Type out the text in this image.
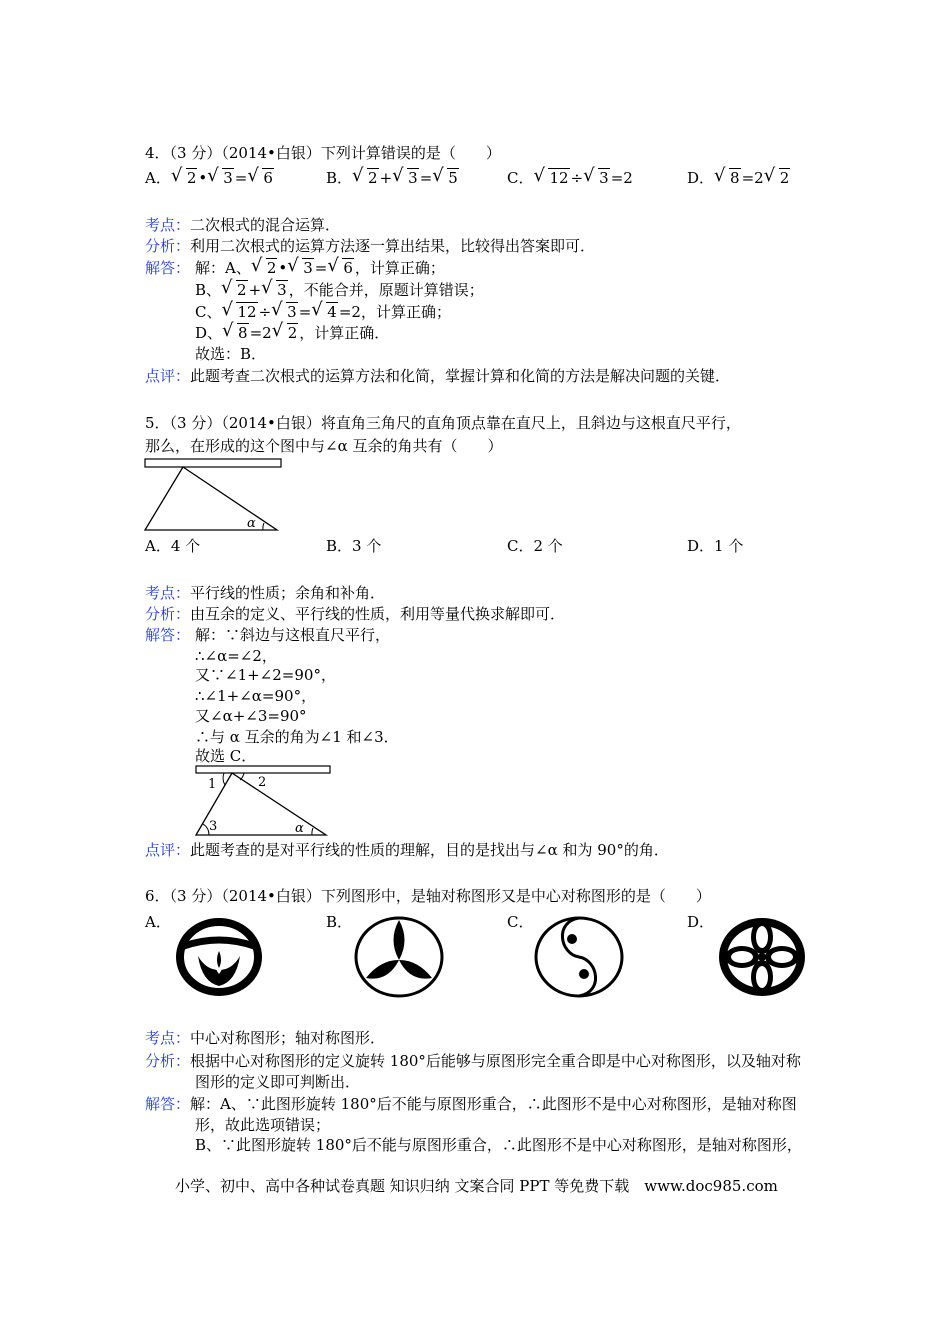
4．（3 分）（2014•白银）下列计算错误的是（　　）
A． √ 2 • √ 3 = √ 6	B． √ 2 + √ 3 = √ 5	C． √ 12 ÷ √ 3 =2	D． √ 8 =2 √ 2
考点：二次根式的混合运算．
分析：利用二次根式的运算方法逐一算出结果，比较得出答案即可．
解答： 解：A、 √ 2 • √ 3 = √ 6 ，计算正确；
B、 √ 2 + √ 3 ，不能合并，原题计算错误；
C、 √ 12 ÷ √ 3 = √ 4 =2，计算正确；
D、 √ 8 =2 √ 2 ，计算正确．
故选：B．
点评：此题考查二次根式的运算方法和化简，掌握计算和化简的方法是解决问题的关键．
5．（3 分）（2014•白银）将直角三角尺的直角顶点靠在直尺上，且斜边与这根直尺平行，
那么，在形成的这个图中与∠α 互余的角共有（　　）
α
A．4 个	B．3 个	C．2 个	D．1 个
考点：平行线的性质；余角和补角．
分析：由互余的定义、平行线的性质，利用等量代换求解即可．
解答： 解：∵斜边与这根直尺平行，
∴∠α=∠2，
又∵∠1+∠2=90°，
∴∠1+∠α=90°，
又∠α+∠3=90°
∴与 α 互余的角为∠1 和∠3．
故选 C．
1	2
3	α
点评：此题考查的是对平行线的性质的理解，目的是找出与∠α 和为 90°的角．
6．（3 分）（2014•白银）下列图形中，是轴对称图形又是中心对称图形的是（　　）
A．	B．	C．	D．
考点：中心对称图形；轴对称图形．
分析：根据中心对称图形的定义旋转 180°后能够与原图形完全重合即是中心对称图形，以及轴对称
图形的定义即可判断出．
解答：解：A、∵此图形旋转 180°后不能与原图形重合，∴此图形不是中心对称图形，是轴对称图
形，故此选项错误；
B、∵此图形旋转 180°后不能与原图形重合，∴此图形不是中心对称图形，是轴对称图形，
小学、初中、高中各种试卷真题 知识归纳 文案合同 PPT 等免费下载　www.doc985.com
